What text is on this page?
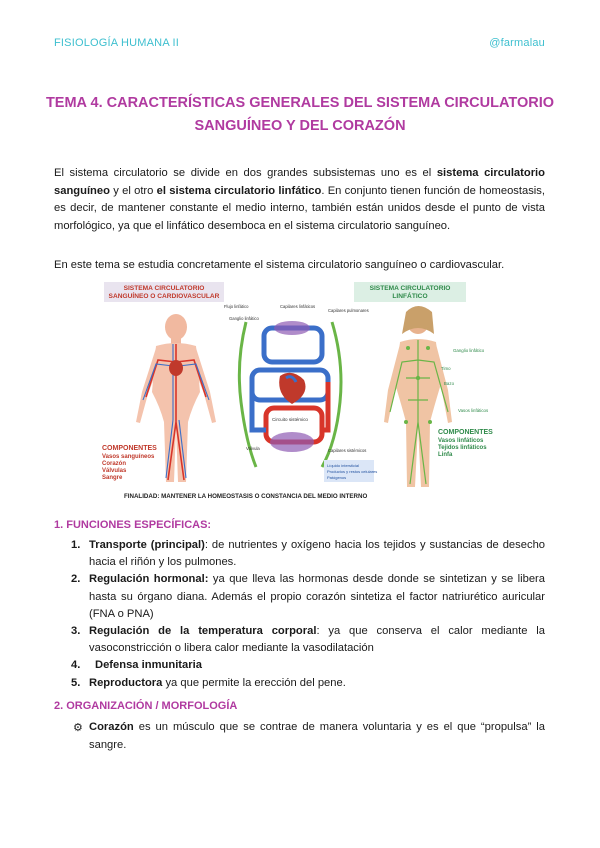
FISIOLOGÍA HUMANA II	@farmalau
TEMA 4. CARACTERÍSTICAS GENERALES DEL SISTEMA CIRCULATORIO
SANGUÍNEO Y DEL CORAZÓN
El sistema circulatorio se divide en dos grandes subsistemas uno es el sistema circulatorio sanguíneo y el otro el sistema circulatorio linfático. En conjunto tienen función de homeostasis, es decir, de mantener constante el medio interno, también están unidos desde el punto de vista morfológico, ya que el linfático desemboca en el sistema circulatorio sanguíneo.
En este tema se estudia concretamente el sistema circulatorio sanguíneo o cardiovascular.
SISTEMA CIRCULATORIO
SANGUÍNEO O CARDIOVASCULAR
SISTEMA CIRCULATORIO
LINFÁTICO
COMPONENTES
Vasos sanguíneos
Corazón
Válvulas
Sangre
Flujo linfático
Ganglio linfático
Capilares linfáticos
Capilares pulmonares
Circuito pulmonar
Circuito sistémico
Capilares sistémicos
Válvula
Líquido intersticial
Productos y restos celulares
Patógenos
Ganglio linfático
Timo
Bazo
Vasos linfáticos
COMPONENTES
Vasos linfáticos
Tejidos linfáticos
Linfa
FINALIDAD: MANTENER LA HOMEOSTASIS O CONSTANCIA DEL MEDIO INTERNO
1. FUNCIONES ESPECÍFICAS:
1. Transporte (principal): de nutrientes y oxígeno hacia los tejidos y sustancias de desecho hacia el riñón y los pulmones.
2. Regulación hormonal: ya que lleva las hormonas desde donde se sintetizan y se libera hasta su órgano diana. Además el propio corazón sintetiza el factor natriurético auricular (FNA o PNA)
3. Regulación de la temperatura corporal: ya que conserva el calor mediante la vasoconstricción o libera calor mediante la vasodilatación
4. Defensa inmunitaria
5. Reproductora ya que permite la erección del pene.
2. ORGANIZACIÓN / MORFOLOGÍA
⚙ Corazón es un músculo que se contrae de manera voluntaria y es el que “propulsa” la sangre.
